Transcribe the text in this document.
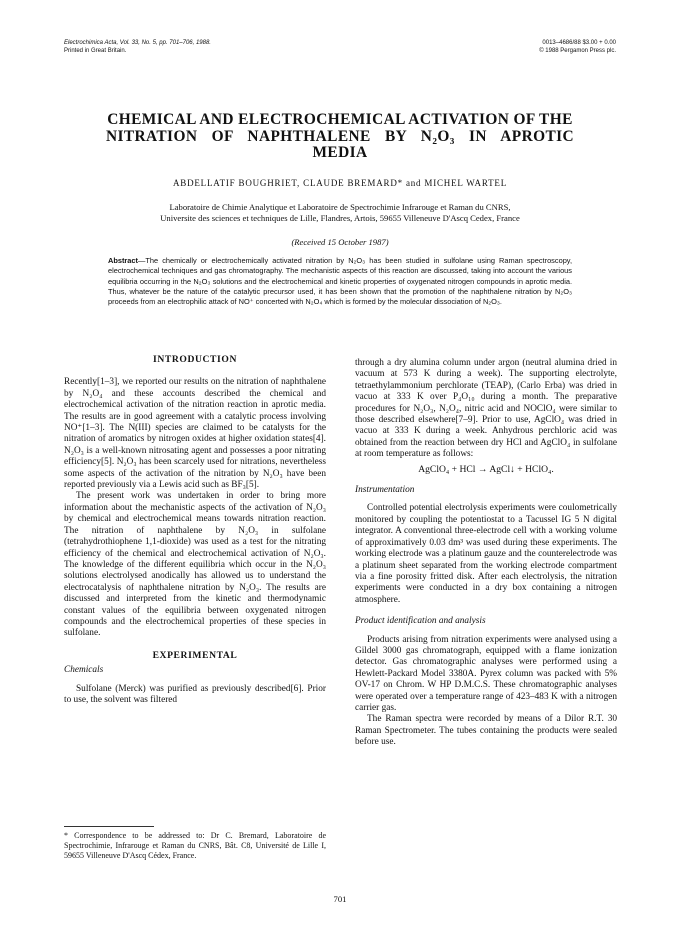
Electrochimica Acta, Vol. 33, No. 5, pp. 701–706, 1988.
Printed in Great Britain.
0013–4686/88 $3.00 + 0.00
© 1988 Pergamon Press plc.
CHEMICAL AND ELECTROCHEMICAL ACTIVATION OF THE
NITRATION OF NAPHTHALENE BY N₂O₃ IN APROTIC
MEDIA
ABDELLATIF BOUGHRIET, CLAUDE BREMARD* and MICHEL WARTEL
Laboratoire de Chimie Analytique et Laboratoire de Spectrochimie Infrarouge et Raman du CNRS,
Universite des sciences et techniques de Lille, Flandres, Artois, 59655 Villeneuve D'Ascq Cedex, France
(Received 15 October 1987)
Abstract—The chemically or electrochemically activated nitration by N₂O₃ has been studied in sulfolane using Raman spectroscopy, electrochemical techniques and gas chromatography. The mechanistic aspects of this reaction are discussed, taking into account the various equilibria occurring in the N₂O₃ solutions and the electrochemical and kinetic properties of oxygenated nitrogen compounds in aprotic media. Thus, whatever be the nature of the catalytic precursor used, it has been shown that the promotion of the naphthalene nitration by N₂O₃ proceeds from an electrophilic attack of NO⁺ concerted with N₂O₄ which is formed by the molecular dissociation of N₂O₃.
INTRODUCTION

Recently[1–3], we reported our results on the nitration of naphthalene by N₂O₄ and these accounts described the chemical and electrochemical activation of the nitration reaction in aprotic media. The results are in good agreement with a catalytic process involving NO⁺[1–3]. The N(III) species are claimed to be catalysts for the nitration of aromatics by nitrogen oxides at higher oxidation states[4]. N₂O₃ is a well-known nitrosating agent and possesses a poor nitrating efficiency[5]. N₂O₃ has been scarcely used for nitrations, nevertheless some aspects of the activation of the nitration by N₂O₃ have been reported previously via a Lewis acid such as BF₃[5].

The present work was undertaken in order to bring more information about the mechanistic aspects of the activation of N₂O₃ by chemical and electrochemical means towards nitration reaction. The nitration of naphthalene by N₂O₃ in sulfolane (tetrahydrothiophene 1,1-dioxide) was used as a test for the nitrating efficiency of the chemical and electrochemical activation of N₂O₃. The knowledge of the different equilibria which occur in the N₂O₃ solutions electrolysed anodically has allowed us to understand the electrocatalysis of naphthalene nitration by N₂O₃. The results are discussed and interpreted from the kinetic and thermodynamic constant values of the equilibria between oxygenated nitrogen compounds and the electrochemical properties of these species in sulfolane.

EXPERIMENTAL

Chemicals

Sulfolane (Merck) was purified as previously described[6]. Prior to use, the solvent was filtered

* Correspondence to be addressed to: Dr C. Bremard, Laboratoire de Spectrochimie, Infrarouge et Raman du CNRS, Bât. C8, Université de Lille I, 59655 Villeneuve D'Ascq Cédex, France.

through a dry alumina column under argon (neutral alumina dried in vacuum at 573 K during a week). The supporting electrolyte, tetraethylammonium perchlorate (TEAP), (Carlo Erba) was dried in vacuo at 333 K over P₄O₁₀ during a month. The preparative procedures for N₂O₃, N₂O₄, nitric acid and NOClO₄ were similar to those described elsewhere[7–9]. Prior to use, AgClO₄ was dried in vacuo at 333 K during a week. Anhydrous perchloric acid was obtained from the reaction between dry HCl and AgClO₄ in sulfolane at room temperature as follows:

AgClO₄ + HCl → AgCl↓ + HClO₄.

Instrumentation

Controlled potential electrolysis experiments were coulometrically monitored by coupling the potentiostat to a Tacussel IG 5 N digital integrator. A conventional three-electrode cell with a working volume of approximatively 0.03 dm³ was used during these experiments. The working electrode was a platinum gauze and the counterelectrode was a platinum sheet separated from the working electrode compartment via a fine porosity fritted disk. After each electrolysis, the nitration experiments were conducted in a dry box containing a nitrogen atmosphere.

Product identification and analysis

Products arising from nitration experiments were analysed using a Gildel 3000 gas chromatograph, equipped with a flame ionization detector. Gas chromatographic analyses were performed using a Hewlett-Packard Model 3380A. Pyrex column was packed with 5% OV-17 on Chrom. W HP D.M.C.S. These chromatographic analyses were operated over a temperature range of 423–483 K with a nitrogen carrier gas.

The Raman spectra were recorded by means of a Dilor R.T. 30 Raman Spectrometer. The tubes containing the products were sealed before use.

701
